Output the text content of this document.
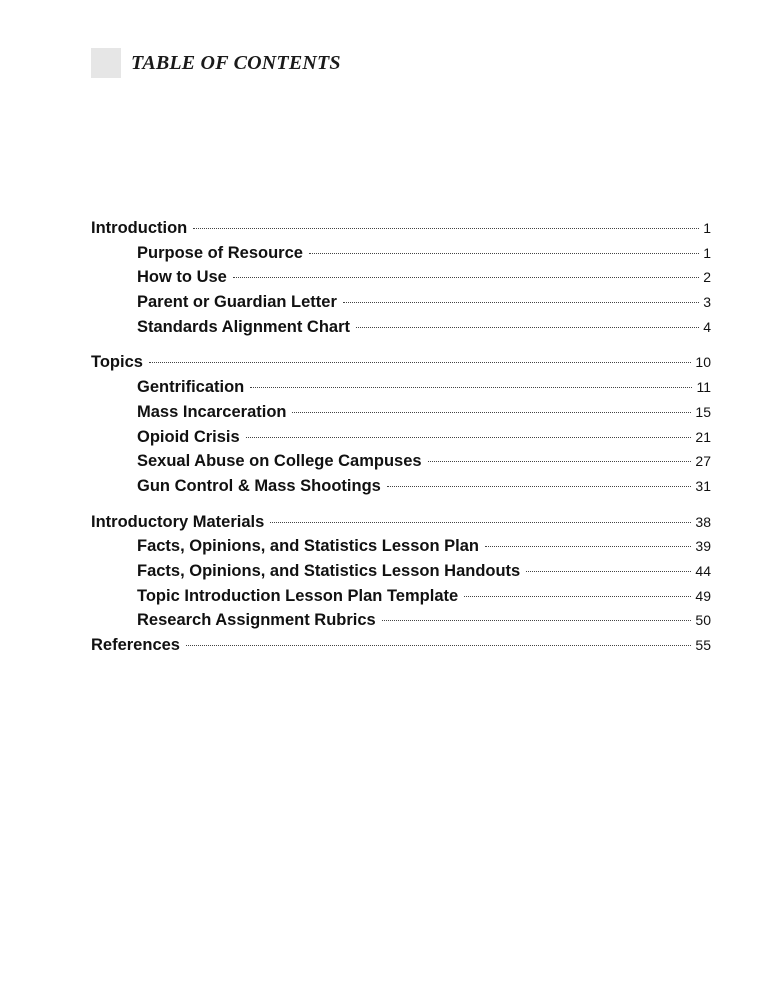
TABLE OF CONTENTS
Introduction	1
Purpose of Resource	1
How to Use	2
Parent or Guardian Letter	3
Standards Alignment Chart	4
Topics	10
Gentrification	11
Mass Incarceration	15
Opioid Crisis	21
Sexual Abuse on College Campuses	27
Gun Control & Mass Shootings	31
Introductory Materials	38
Facts, Opinions, and Statistics Lesson Plan	39
Facts, Opinions, and Statistics Lesson Handouts	44
Topic Introduction Lesson Plan Template	49
Research Assignment Rubrics	50
References	55
